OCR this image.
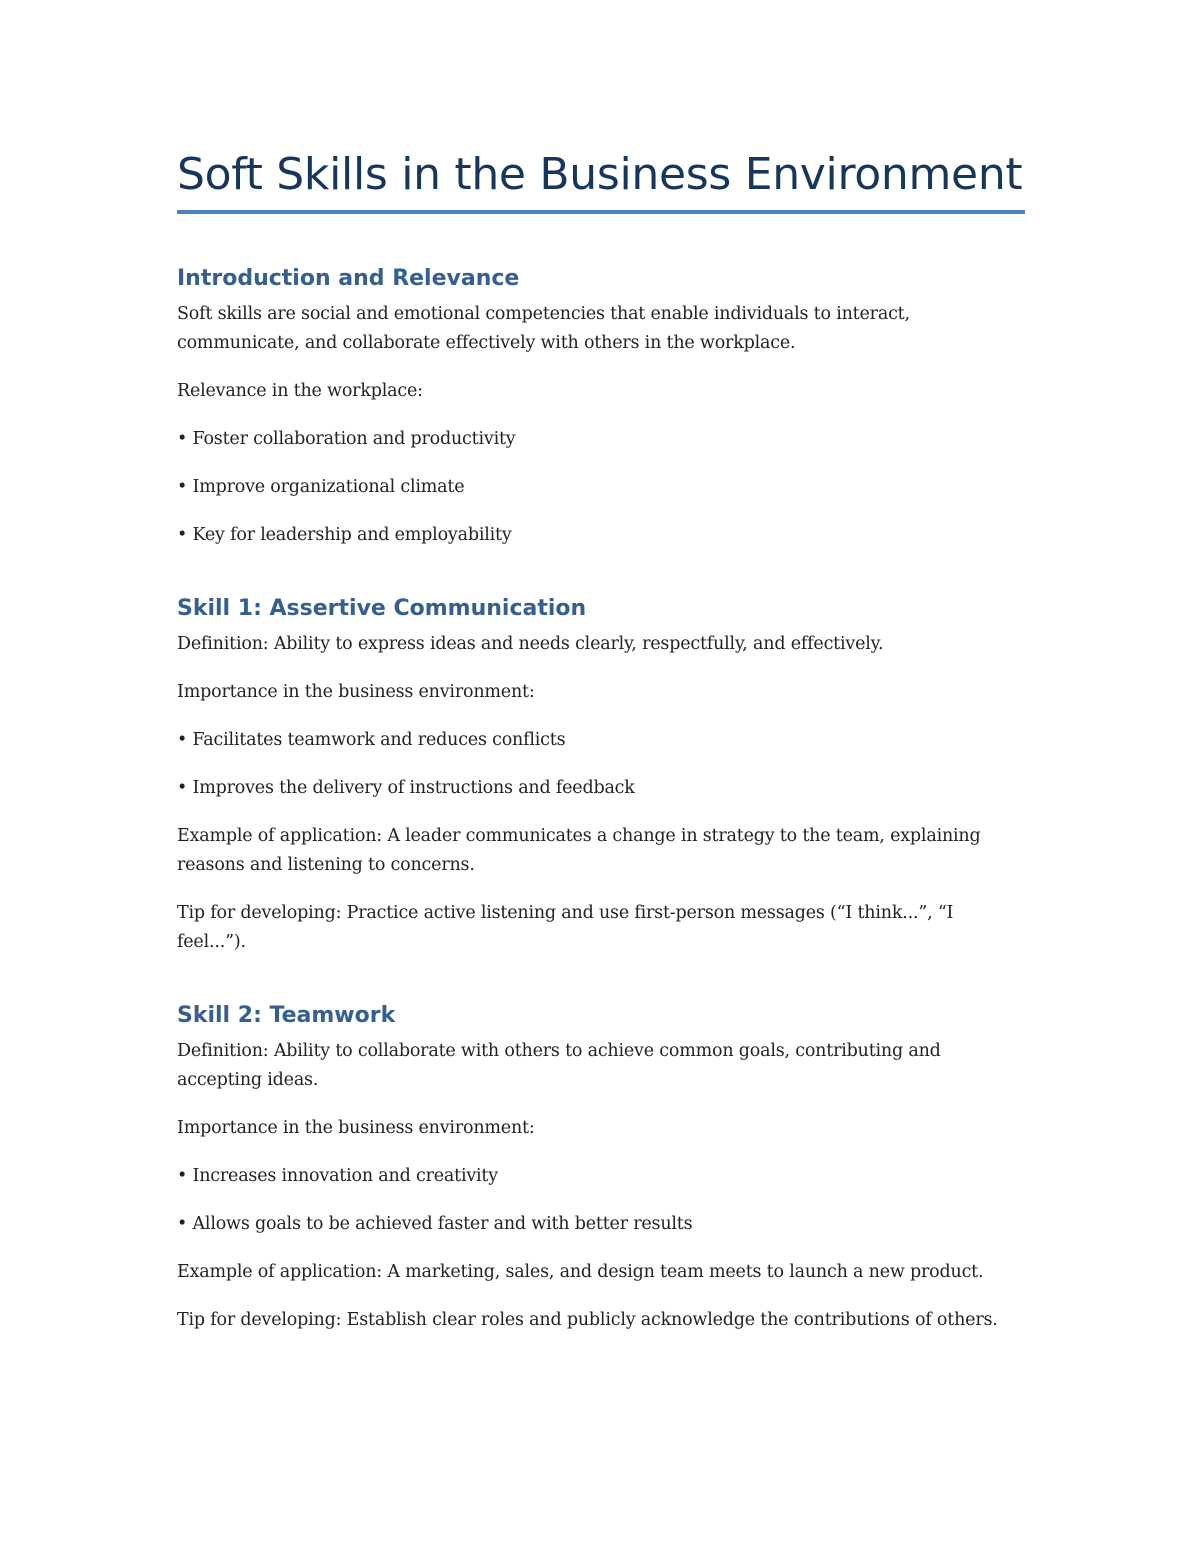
Soft Skills in the Business Environment
Introduction and Relevance

Soft skills are social and emotional competencies that enable individuals to interact, communicate, and collaborate effectively with others in the workplace.

Relevance in the workplace:

• Foster collaboration and productivity

• Improve organizational climate

• Key for leadership and employability

Skill 1: Assertive Communication

Definition: Ability to express ideas and needs clearly, respectfully, and effectively.

Importance in the business environment:

• Facilitates teamwork and reduces conflicts

• Improves the delivery of instructions and feedback

Example of application: A leader communicates a change in strategy to the team, explaining reasons and listening to concerns.

Tip for developing: Practice active listening and use first-person messages (“I think...”, “I feel...”).

Skill 2: Teamwork

Definition: Ability to collaborate with others to achieve common goals, contributing and accepting ideas.

Importance in the business environment:

• Increases innovation and creativity

• Allows goals to be achieved faster and with better results

Example of application: A marketing, sales, and design team meets to launch a new product.

Tip for developing: Establish clear roles and publicly acknowledge the contributions of others.
